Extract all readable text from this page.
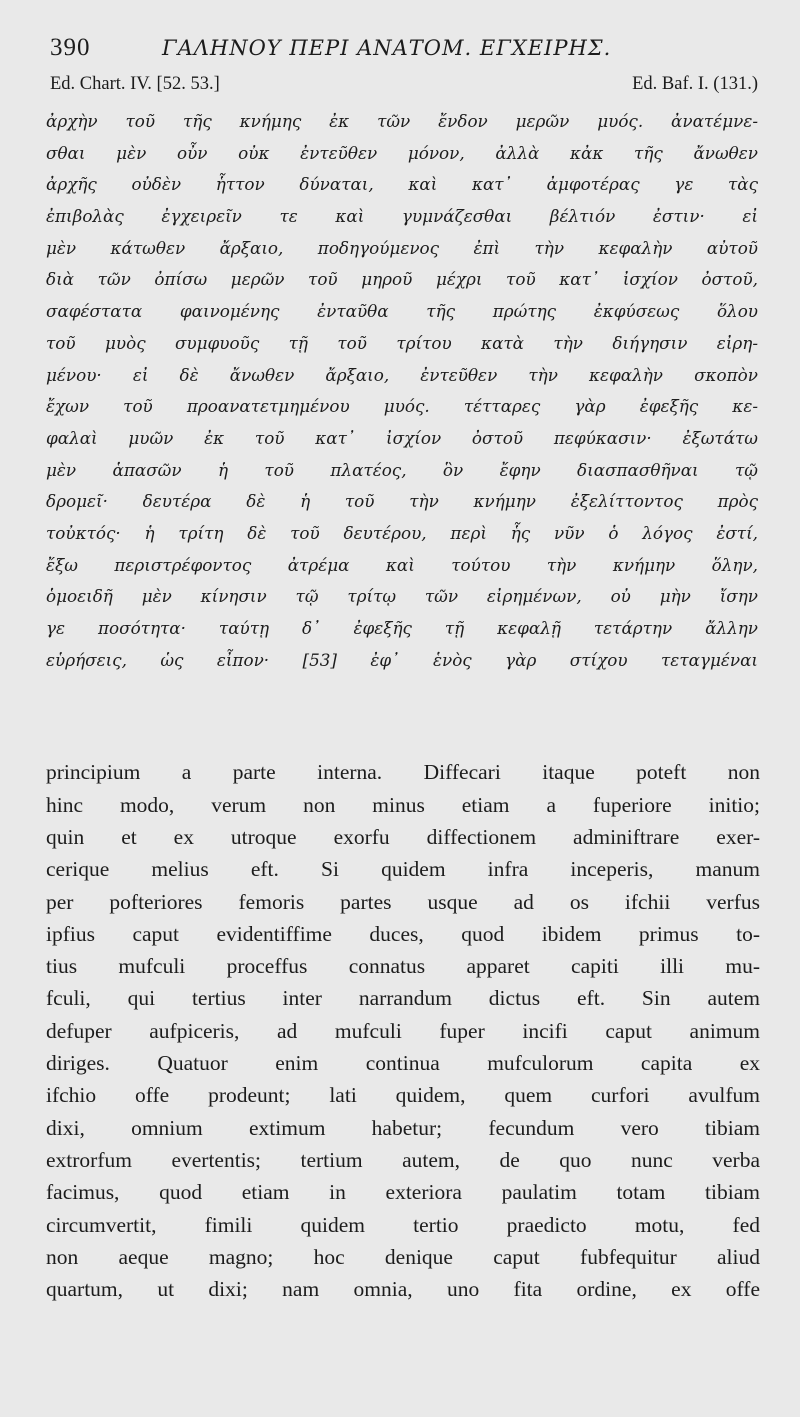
390	ΓΑΛΗΝΟΥ ΠΕΡΙ ΑΝΑΤΟΜ. ΕΓΧΕΙΡΗΣ.
Ed. Chart. IV. [52. 53.]	Ed. Baf. I. (131.)
ἀρχὴν τοῦ τῆς κνήμης ἐκ τῶν ἔνδον μερῶν μυός. ἀνατέμνε-
σθαι μὲν οὖν οὐκ ἐντεῦθεν μόνον, ἀλλὰ κἀκ τῆς ἄνωθεν
ἀρχῆς οὐδὲν ἧττον δύναται, καὶ κατ᾽ ἀμφοτέρας γε τὰς
ἐπιβολὰς ἐγχειρεῖν τε καὶ γυμνάζεσθαι βέλτιόν ἐστιν· εἰ
μὲν κάτωθεν ἄρξαιο, ποδηγούμενος ἐπὶ τὴν κεφαλὴν αὐτοῦ
διὰ τῶν ὀπίσω μερῶν τοῦ μηροῦ μέχρι τοῦ κατ᾽ ἰσχίον ὀστοῦ,
σαφέστατα φαινομένης ἐνταῦθα τῆς πρώτης ἐκφύσεως ὅλου
τοῦ μυὸς συμφυοῦς τῇ τοῦ τρίτου κατὰ τὴν διήγησιν εἰρη-
μένου· εἰ δὲ ἄνωθεν ἄρξαιο, ἐντεῦθεν τὴν κεφαλὴν σκοπὸν
ἔχων τοῦ προανατετμημένου μυός. τέτταρες γὰρ ἐφεξῆς κε-
φαλαὶ μυῶν ἐκ τοῦ κατ᾽ ἰσχίον ὀστοῦ πεφύκασιν· ἐξωτάτω
μὲν ἁπασῶν ἡ τοῦ πλατέος, ὃν ἔφην διασπασθῆναι τῷ
δρομεῖ· δευτέρα δὲ ἡ τοῦ τὴν κνήμην ἐξελίττοντος πρὸς
τοὐκτός· ἡ τρίτη δὲ τοῦ δευτέρου, περὶ ἧς νῦν ὁ λόγος ἐστί,
ἔξω περιστρέφοντος ἀτρέμα καὶ τούτου τὴν κνήμην ὅλην,
ὁμοειδῆ μὲν κίνησιν τῷ τρίτῳ τῶν εἰρημένων, οὐ μὴν ἴσην
γε ποσότητα· ταύτῃ δ᾽ ἐφεξῆς τῇ κεφαλῇ τετάρτην ἄλλην
εὑρήσεις, ὡς εἶπον· [53] ἐφ᾽ ἑνὸς γὰρ στίχου τεταγμέναι
principium a parte interna. Diffecari itaque poteft non
hinc modo, verum non minus etiam a fuperiore initio;
quin et ex utroque exorfu diffectionem adminiftrare exer-
cerique melius eft. Si quidem infra inceperis, manum
per pofteriores femoris partes usque ad os ifchii verfus
ipfius caput evidentiffime duces, quod ibidem primus to-
tius mufculi proceffus connatus apparet capiti illi mu-
fculi, qui tertius inter narrandum dictus eft. Sin autem
defuper aufpiceris, ad mufculi fuper incifi caput animum
diriges. Quatuor enim continua mufculorum capita ex
ifchio offe prodeunt; lati quidem, quem curfori avulfum
dixi, omnium extimum habetur; fecundum vero tibiam
extrorfum evertentis; tertium autem, de quo nunc verba
facimus, quod etiam in exteriora paulatim totam tibiam
circumvertit, fimili quidem tertio praedicto motu, fed
non aeque magno; hoc denique caput fubfequitur aliud
quartum, ut dixi; nam omnia, uno fita ordine, ex offe
